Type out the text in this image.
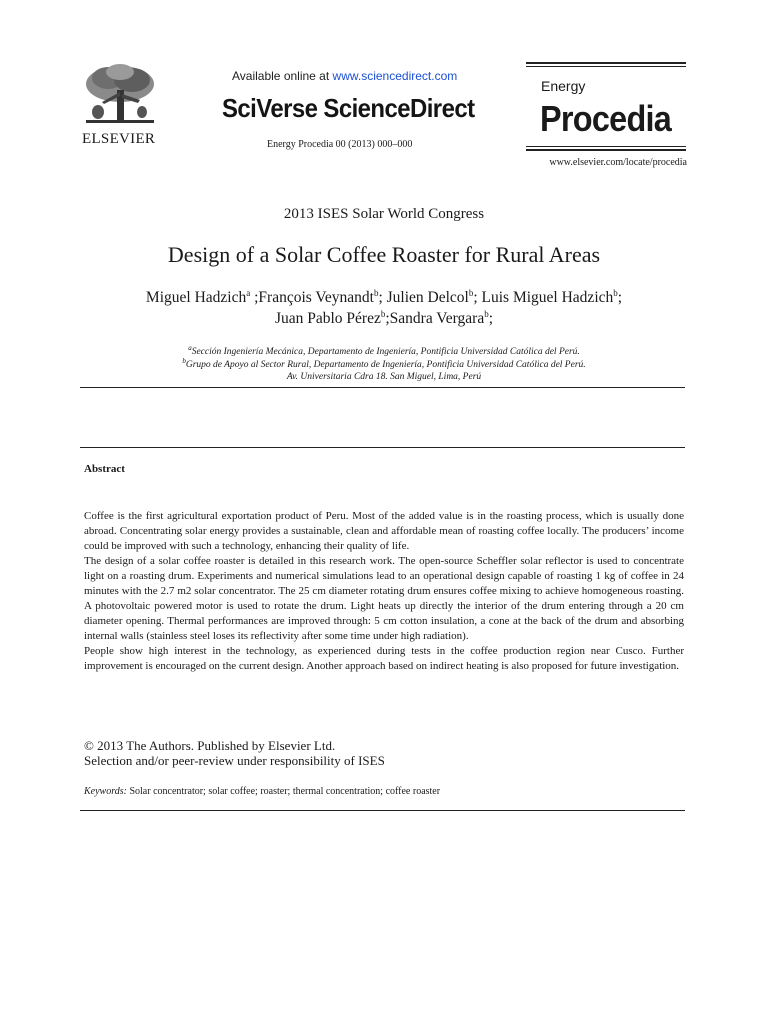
ELSEVIER
Available online at www.sciencedirect.com
SciVerse ScienceDirect
Energy Procedia 00 (2013) 000–000
Energy
Procedia
www.elsevier.com/locate/procedia
2013 ISES Solar World Congress
Design of a Solar Coffee Roaster for Rural Areas
Miguel Hadzich$^a$ ;François Veynandt$^b$; Julien Delcol$^b$; Luis Miguel Hadzich$^b$;
Juan Pablo Pérez$^b$;Sandra Vergara$^b$;
$^a$Sección Ingeniería Mecánica, Departamento de Ingeniería, Pontificia Universidad Católica del Perú.
$^b$Grupo de Apoyo al Sector Rural, Departamento de Ingeniería, Pontificia Universidad Católica del Perú.
Av. Universitaria Cdra 18. San Miguel, Lima, Perú
Abstract

Coffee is the first agricultural exportation product of Peru. Most of the added value is in the roasting process, which is usually done abroad. Concentrating solar energy provides a sustainable, clean and affordable mean of roasting coffee locally. The producers’ income could be improved with such a technology, enhancing their quality of life.

The design of a solar coffee roaster is detailed in this research work. The open-source Scheffler solar reflector is used to concentrate light on a roasting drum. Experiments and numerical simulations lead to an operational design capable of roasting 1 kg of coffee in 24 minutes with the 2.7 m2 solar concentrator. The 25 cm diameter rotating drum ensures coffee mixing to achieve homogeneous roasting. A photovoltaic powered motor is used to rotate the drum. Light heats up directly the interior of the drum entering through a 20 cm diameter opening. Thermal performances are improved through: 5 cm cotton insulation, a cone at the back of the drum and absorbing internal walls (stainless steel loses its reflectivity after some time under high radiation).

People show high interest in the technology, as experienced during tests in the coffee production region near Cusco. Further improvement is encouraged on the current design. Another approach based on indirect heating is also proposed for future investigation.

© 2013 The Authors. Published by Elsevier Ltd.
Selection and/or peer-review under responsibility of ISES
Keywords: Solar concentrator; solar coffee; roaster; thermal concentration; coffee roaster
